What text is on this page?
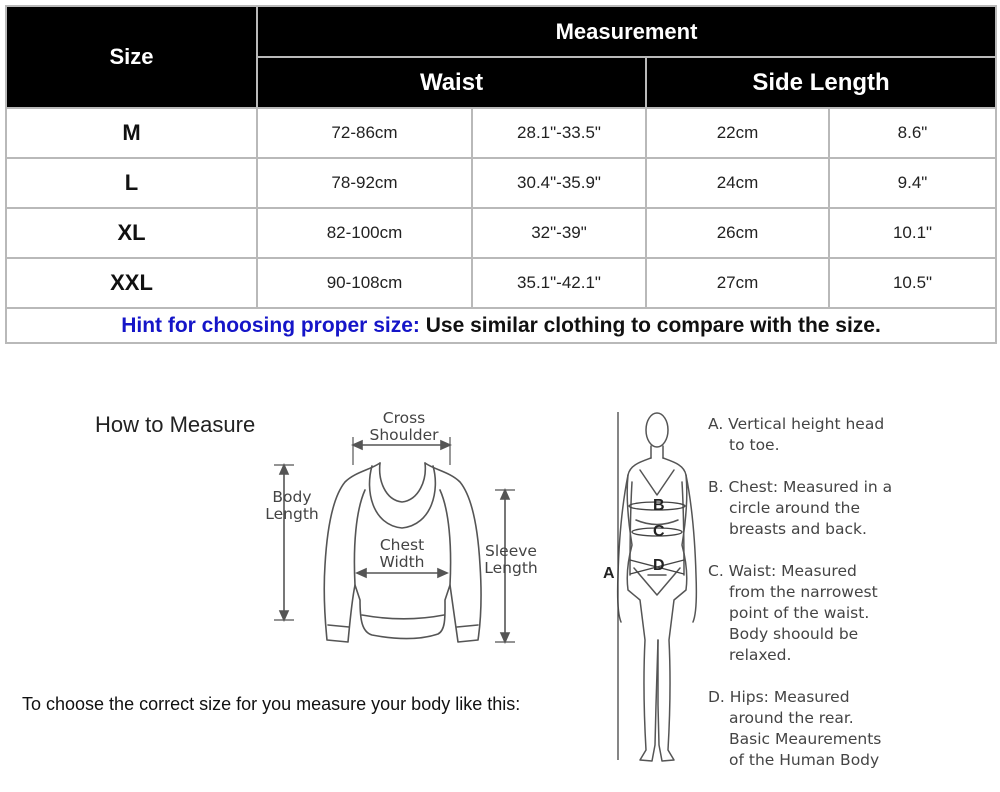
Size	Measurement			
	Waist		Side Length	
M	72-86cm	28.1"-33.5"	22cm	8.6"
L	78-92cm	30.4"-35.9"	24cm	9.4"
XL	82-100cm	32"-39"	26cm	10.1"
XXL	90-108cm	35.1"-42.1"	27cm	10.5"
Hint for choosing proper size: Use similar clothing to compare with the size.				
How to Measure	Cross
Shoulder
Body
Length
Chest
Width
Sleeve
Length
To choose the correct size for you measure your body like this:
A
B
C
D
A. Vertical height head
to toe.
B. Chest: Measured in a
circle around the
breasts and back.
C. Waist: Measured
from the narrowest
point of the waist.
Body shoould be
relaxed.
D. Hips: Measured
around the rear.
Basic Meaurements
of the Human Body
